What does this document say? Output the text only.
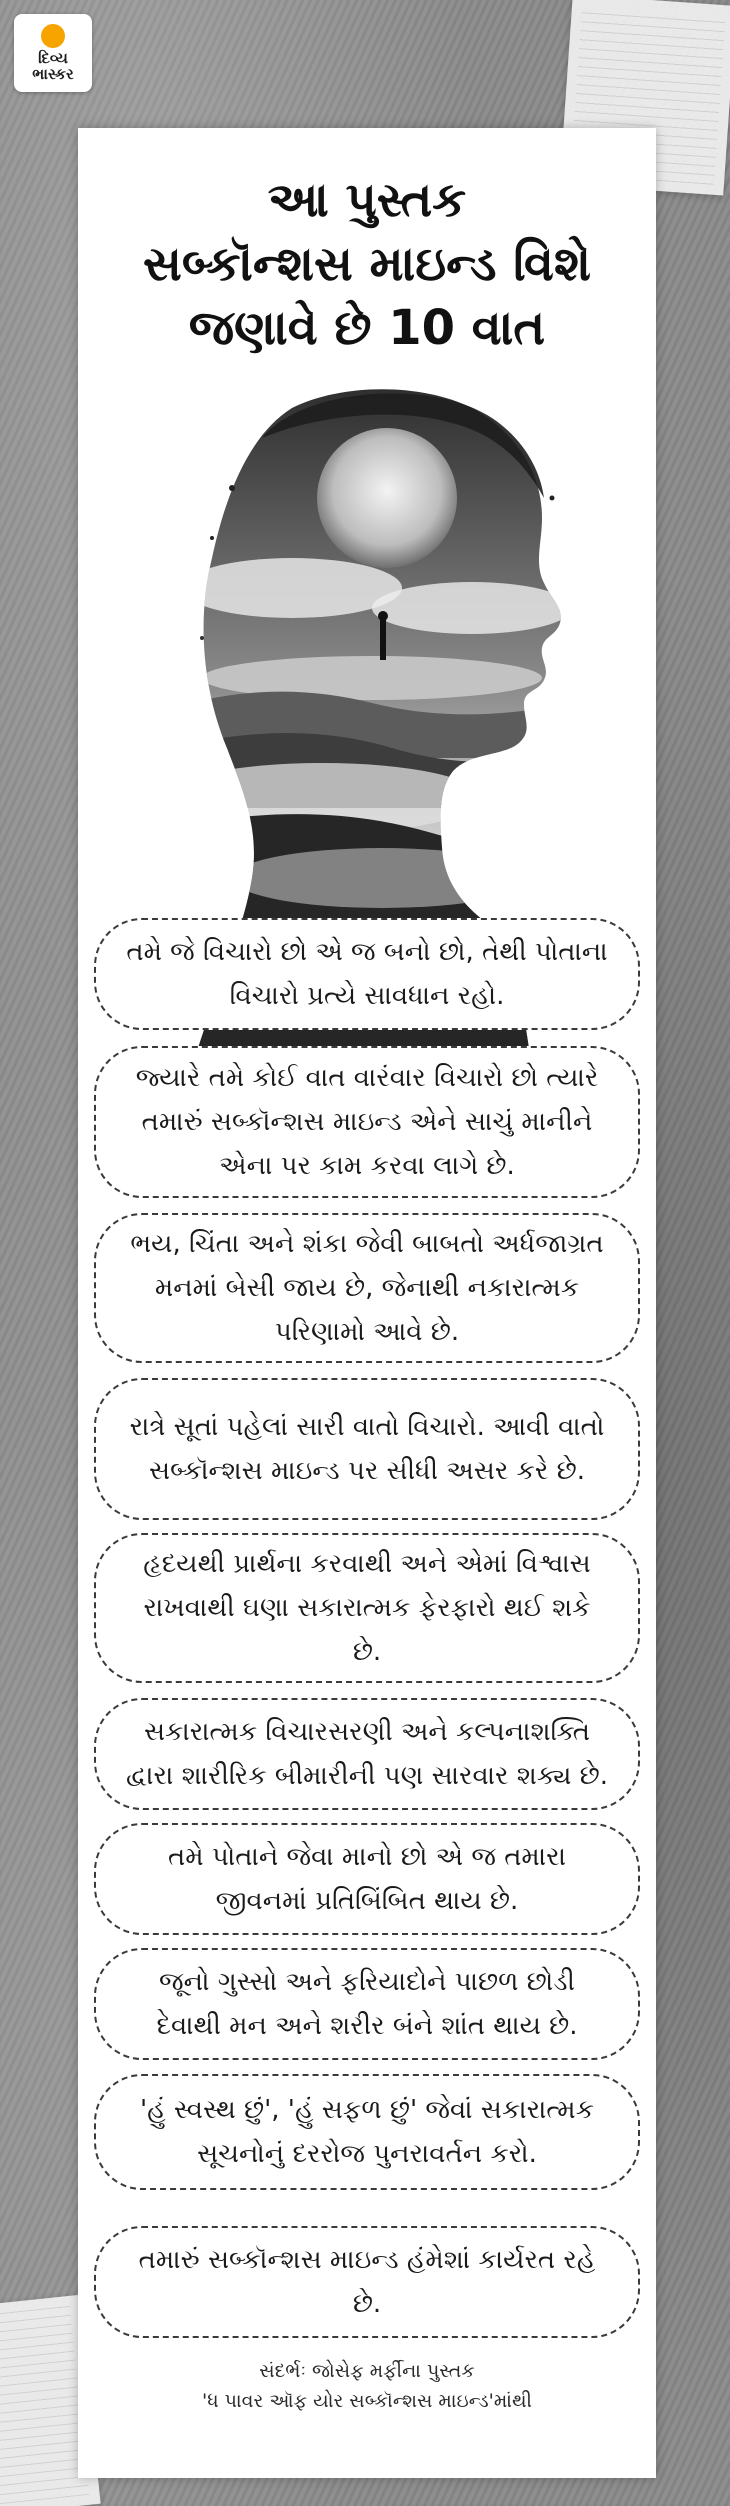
દિવ્ય
ભાસ્કર
આ પુસ્તક
સબ્કૉન્શસ માઇન્ડ વિશે
જણાવે છે 10 વાત
તમે જે વિચારો છો એ જ બનો છો, તેથી પોતાના વિચારો પ્રત્યે સાવધાન રહો.
જ્યારે તમે કોઈ વાત વારંવાર વિચારો છો ત્યારે તમારું સબ્કૉન્શસ માઇન્ડ એને સાચું માનીને એના પર કામ કરવા લાગે છે.
ભય, ચિંતા અને શંકા જેવી બાબતો અર્ધજાગ્રત મનમાં બેસી જાય છે, જેનાથી નકારાત્મક પરિણામો આવે છે.
રાત્રે સૂતાં પહેલાં સારી વાતો વિચારો. આવી વાતો સબ્કૉન્શસ માઇન્ડ પર સીધી અસર કરે છે.
હૃદયથી પ્રાર્થના કરવાથી અને એમાં વિશ્વાસ રાખવાથી ઘણા સકારાત્મક ફેરફારો થઈ શકે છે.
સકારાત્મક વિચારસરણી અને કલ્પનાશક્તિ દ્વારા શારીરિક બીમારીની પણ સારવાર શક્ય છે.
તમે પોતાને જેવા માનો છો એ જ તમારા જીવનમાં પ્રતિબિંબિત થાય છે.
જૂનો ગુસ્સો અને ફરિયાદોને પાછળ છોડી દેવાથી મન અને શરીર બંને શાંત થાય છે.
'હું સ્વસ્થ છું', 'હું સફળ છું' જેવાં સકારાત્મક સૂચનોનું દરરોજ પુનરાવર્તન કરો.
તમારું સબ્કૉન્શસ માઇન્ડ હંમેશાં કાર્યરત રહે છે.
સંદર્ભઃ જોસેફ મર્ફીના પુસ્તક
'ધ પાવર ઑફ યોર સબ્કૉન્શસ માઇન્ડ'માંથી
